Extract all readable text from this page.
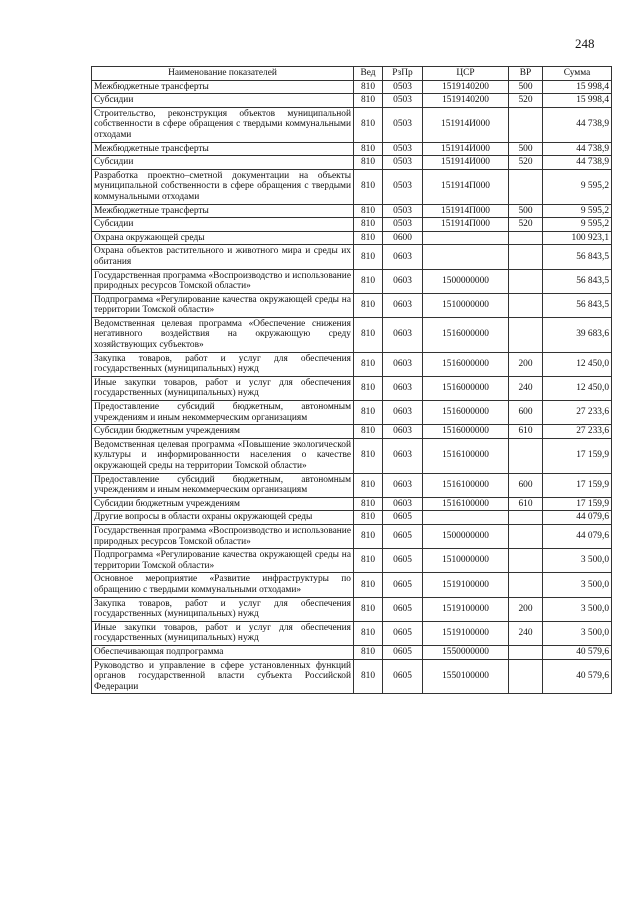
248
Наименование показателей	Вед	РзПр	ЦСР	ВР	Сумма
Межбюджетные трансферты	810	0503	1519140200	500	15 998,4
Субсидии	810	0503	1519140200	520	15 998,4
Строительство, реконструкция объектов муниципальной собственности в сфере обращения с твердыми коммунальными отходами	810	0503	151914И000		44 738,9
Межбюджетные трансферты	810	0503	151914И000	500	44 738,9
Субсидии	810	0503	151914И000	520	44 738,9
Разработка проектно–сметной документации на объекты муниципальной собственности в сфере обращения с твердыми коммунальными отходами	810	0503	151914П000		9 595,2
Межбюджетные трансферты	810	0503	151914П000	500	9 595,2
Субсидии	810	0503	151914П000	520	9 595,2
Охрана окружающей среды	810	0600			100 923,1
Охрана объектов растительного и животного мира и среды их обитания	810	0603			56 843,5
Государственная программа «Воспроизводство и использование природных ресурсов Томской области»	810	0603	1500000000		56 843,5
Подпрограмма «Регулирование качества окружающей среды на территории Томской области»	810	0603	1510000000		56 843,5
Ведомственная целевая программа «Обеспечение снижения негативного воздействия на окружающую среду хозяйствующих субъектов»	810	0603	1516000000		39 683,6
Закупка товаров, работ и услуг для обеспечения государственных (муниципальных) нужд	810	0603	1516000000	200	12 450,0
Иные закупки товаров, работ и услуг для обеспечения государственных (муниципальных) нужд	810	0603	1516000000	240	12 450,0
Предоставление субсидий бюджетным, автономным учреждениям и иным некоммерческим организациям	810	0603	1516000000	600	27 233,6
Субсидии бюджетным учреждениям	810	0603	1516000000	610	27 233,6
Ведомственная целевая программа «Повышение экологической культуры и информированности населения о качестве окружающей среды на территории Томской области»	810	0603	1516100000		17 159,9
Предоставление субсидий бюджетным, автономным учреждениям и иным некоммерческим организациям	810	0603	1516100000	600	17 159,9
Субсидии бюджетным учреждениям	810	0603	1516100000	610	17 159,9
Другие вопросы в области охраны окружающей среды	810	0605			44 079,6
Государственная программа «Воспроизводство и использование природных ресурсов Томской области»	810	0605	1500000000		44 079,6
Подпрограмма «Регулирование качества окружающей среды на территории Томской области»	810	0605	1510000000		3 500,0
Основное мероприятие «Развитие инфраструктуры по обращению с твердыми коммунальными отходами»	810	0605	1519100000		3 500,0
Закупка товаров, работ и услуг для обеспечения государственных (муниципальных) нужд	810	0605	1519100000	200	3 500,0
Иные закупки товаров, работ и услуг для обеспечения государственных (муниципальных) нужд	810	0605	1519100000	240	3 500,0
Обеспечивающая подпрограмма	810	0605	1550000000		40 579,6
Руководство и управление в сфере установленных функций органов государственной власти субъекта Российской Федерации	810	0605	1550100000		40 579,6
